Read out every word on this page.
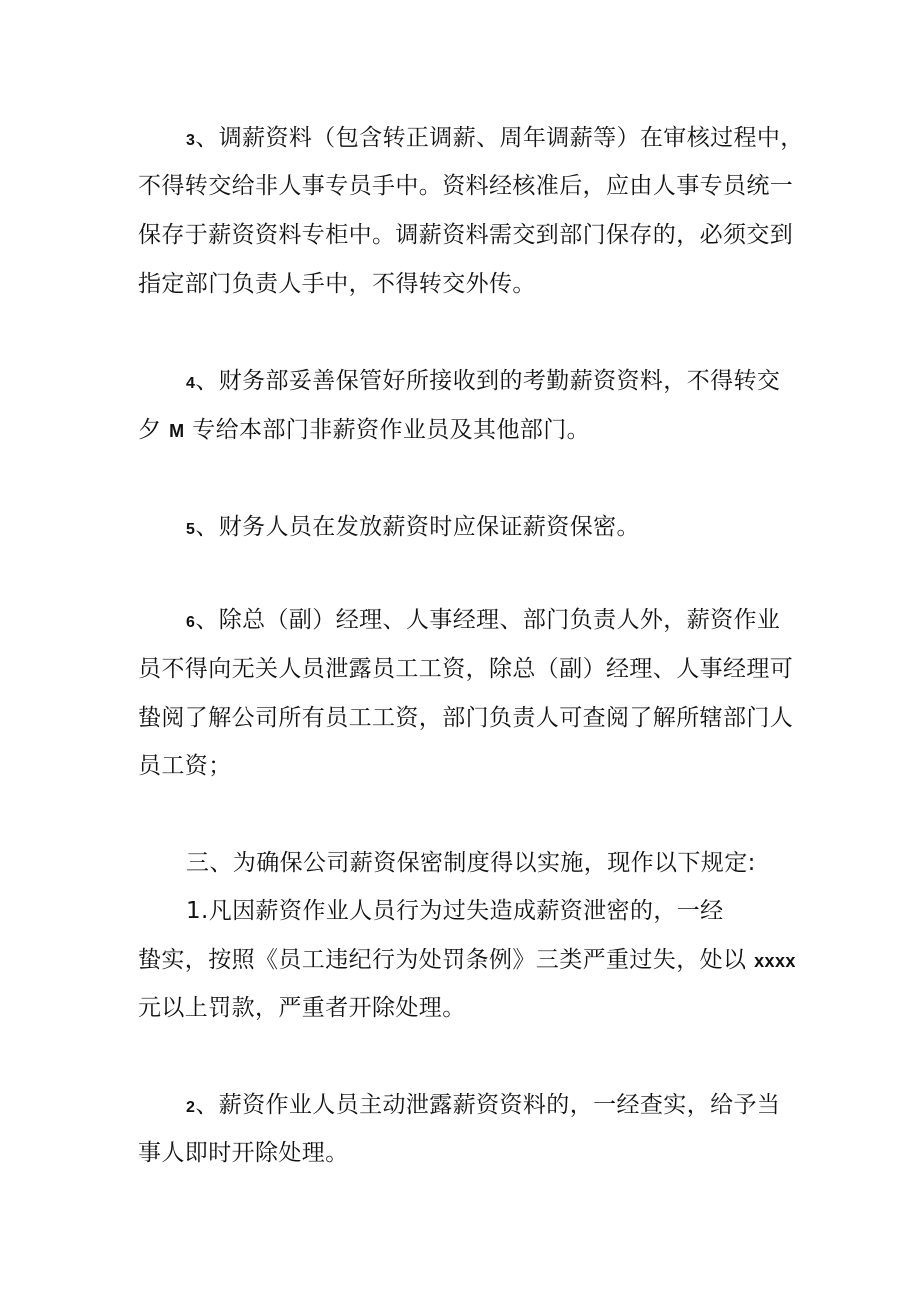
3、调薪资料（包含转正调薪、周年调薪等）在审核过程中，
不得转交给非人事专员手中。资料经核准后，应由人事专员统一
保存于薪资资料专柜中。调薪资料需交到部门保存的，必须交到
指定部门负责人手中，不得转交外传。
4、财务部妥善保管好所接收到的考勤薪资资料，不得转交
夕 M 专给本部门非薪资作业员及其他部门。
5、财务人员在发放薪资时应保证薪资保密。
6、除总（副）经理、人事经理、部门负责人外，薪资作业
员不得向无关人员泄露员工工资，除总（副）经理、人事经理可
蛰阅了解公司所有员工工资，部门负责人可查阅了解所辖部门人
员工资；
三、为确保公司薪资保密制度得以实施，现作以下规定:
1.凡因薪资作业人员行为过失造成薪资泄密的，一经
蛰实，按照《员工违纪行为处罚条例》三类严重过失，处以 xxxx
元以上罚款，严重者开除处理。
2、薪资作业人员主动泄露薪资资料的，一经查实，给予当
事人即时开除处理。
